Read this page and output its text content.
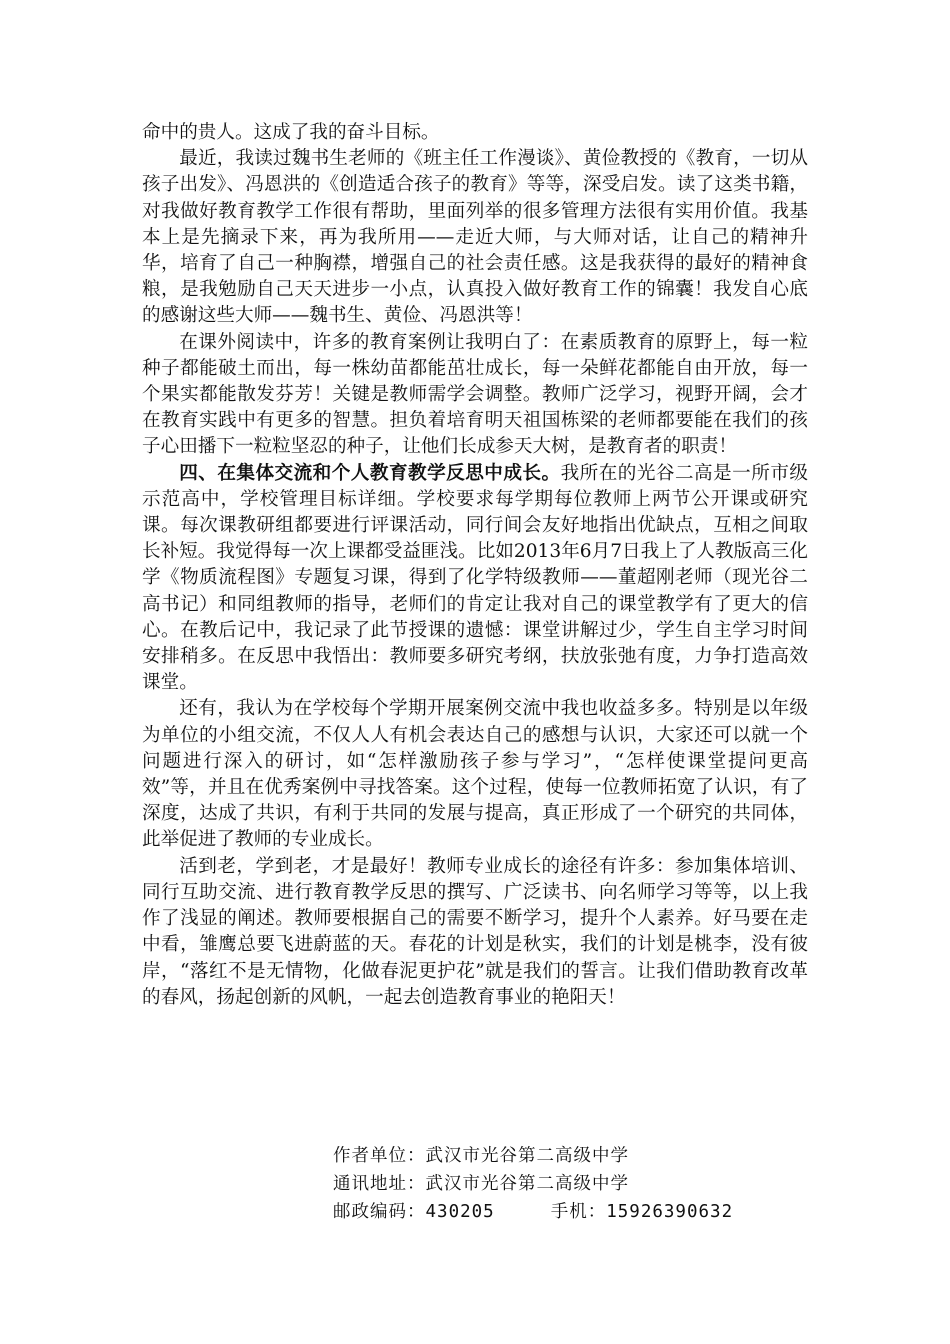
命中的贵人。这成了我的奋斗目标。

最近，我读过魏书生老师的《班主任工作漫谈》、黄俭教授的《教育，一切从孩子出发》、冯恩洪的《创造适合孩子的教育》等等，深受启发。读了这类书籍，对我做好教育教学工作很有帮助，里面列举的很多管理方法很有实用价值。我基本上是先摘录下来，再为我所用——走近大师，与大师对话，让自己的精神升华，培育了自己一种胸襟，增强自己的社会责任感。这是我获得的最好的精神食粮，是我勉励自己天天进步一小点，认真投入做好教育工作的锦囊！我发自心底的感谢这些大师——魏书生、黄俭、冯恩洪等！

在课外阅读中，许多的教育案例让我明白了：在素质教育的原野上，每一粒种子都能破土而出，每一株幼苗都能茁壮成长，每一朵鲜花都能自由开放，每一个果实都能散发芬芳！关键是教师需学会调整。教师广泛学习，视野开阔，会才在教育实践中有更多的智慧。担负着培育明天祖国栋梁的老师都要能在我们的孩子心田播下一粒粒坚忍的种子，让他们长成参天大树，是教育者的职责！

四、在集体交流和个人教育教学反思中成长。我所在的光谷二高是一所市级示范高中，学校管理目标详细。学校要求每学期每位教师上两节公开课或研究课。每次课教研组都要进行评课活动，同行间会友好地指出优缺点，互相之间取长补短。我觉得每一次上课都受益匪浅。比如2013年6月7日我上了人教版高三化学《物质流程图》专题复习课，得到了化学特级教师——董超刚老师（现光谷二高书记）和同组教师的指导，老师们的肯定让我对自己的课堂教学有了更大的信心。在教后记中，我记录了此节授课的遗憾：课堂讲解过少，学生自主学习时间安排稍多。在反思中我悟出：教师要多研究考纲，扶放张弛有度，力争打造高效课堂。

还有，我认为在学校每个学期开展案例交流中我也收益多多。特别是以年级为单位的小组交流，不仅人人有机会表达自己的感想与认识，大家还可以就一个问题进行深入的研讨，如“怎样激励孩子参与学习”，“怎样使课堂提问更高效”等，并且在优秀案例中寻找答案。这个过程，使每一位教师拓宽了认识，有了深度，达成了共识，有利于共同的发展与提高，真正形成了一个研究的共同体，此举促进了教师的专业成长。

活到老，学到老，才是最好！教师专业成长的途径有许多：参加集体培训、同行互助交流、进行教育教学反思的撰写、广泛读书、向名师学习等等，以上我作了浅显的阐述。教师要根据自己的需要不断学习，提升个人素养。好马要在走中看，雏鹰总要飞进蔚蓝的天。春花的计划是秋实，我们的计划是桃李，没有彼岸，“落红不是无情物，化做春泥更护花”就是我们的誓言。让我们借助教育改革的春风，扬起创新的风帆，一起去创造教育事业的艳阳天！

作者单位：武汉市光谷第二高级中学
通讯地址：武汉市光谷第二高级中学
邮政编码：430205	手机：15926390632
